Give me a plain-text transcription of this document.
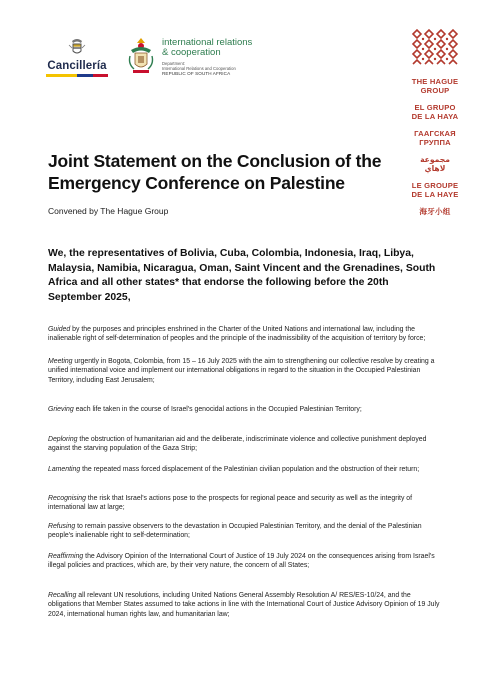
Cancillería
international relations
& cooperation
Department:
International Relations and Cooperation
REPUBLIC OF SOUTH AFRICA
THE HAGUE
GROUP
EL GRUPO
DE LA HAYA
ГААГСКАЯ
ГРУППА
مجموعة
لاهاي
LE GROUPE
DE LA HAYE
海牙小组
Joint Statement on the Conclusion of the Emergency Conference on Palestine
Convened by The Hague Group
We, the representatives of Bolivia, Cuba, Colombia, Indonesia, Iraq, Libya, Malaysia, Namibia, Nicaragua, Oman, Saint Vincent and the Grenadines, South Africa and all other states* that endorse the following before the 20th September 2025,
Guided by the purposes and principles enshrined in the Charter of the United Nations and international law, including the inalienable right of self-determination of peoples and the principle of the inadmissibility of the acquisition of territory by force;
Meeting urgently in Bogota, Colombia, from 15 – 16 July 2025 with the aim to strengthening our collective resolve by creating a unified international voice and implement our international obligations in regard to the situation in the Occupied Palestinian Territory, including East Jerusalem;
Grieving each life taken in the course of Israel's genocidal actions in the Occupied Palestinian Territory;
Deploring the obstruction of humanitarian aid and the deliberate, indiscriminate violence and collective punishment deployed against the starving population of the Gaza Strip;
Lamenting the repeated mass forced displacement of the Palestinian civilian population and the obstruction of their return;
Recognising the risk that Israel's actions pose to the prospects for regional peace and security as well as the integrity of international law at large;
Refusing to remain passive observers to the devastation in Occupied Palestinian Territory, and the denial of the Palestinian people's inalienable right to self-determination;
Reaffirming the Advisory Opinion of the International Court of Justice of 19 July 2024 on the consequences arising from Israel's illegal policies and practices, which are, by their very nature, the concern of all States;
Recalling all relevant UN resolutions, including United Nations General Assembly Resolution A/ RES/ES-10/24, and the obligations that Member States assumed to take actions in line with the International Court of Justice Advisory Opinion of 19 July 2024, international human rights law, and humanitarian law;
